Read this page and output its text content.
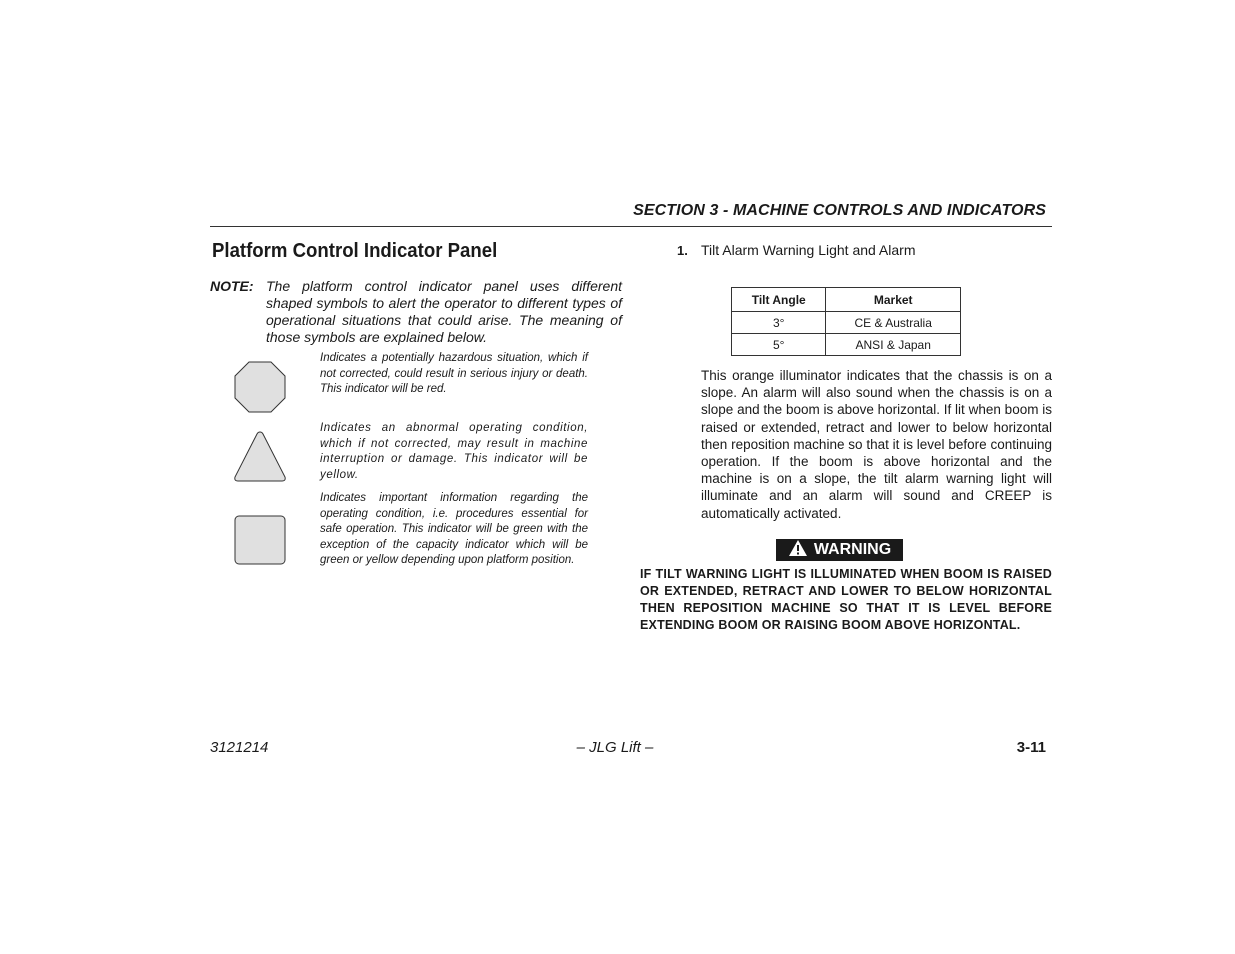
SECTION 3 - MACHINE CONTROLS AND INDICATORS
Platform Control Indicator Panel
NOTE: The platform control indicator panel uses different shaped symbols to alert the operator to different types of operational situations that could arise. The meaning of those symbols are explained below.
Indicates a potentially hazardous situation, which if not corrected, could result in serious injury or death. This indicator will be red.
Indicates an abnormal operating condition, which if not corrected, may result in machine interruption or damage. This indicator will be yellow.
Indicates important information regarding the operating condition, i.e. procedures essential for safe operation. This indicator will be green with the exception of the capacity indicator which will be green or yellow depending upon platform position.
1. Tilt Alarm Warning Light and Alarm
Tilt Angle	Market
3°	CE & Australia
5°	ANSI & Japan
This orange illuminator indicates that the chassis is on a slope. An alarm will also sound when the chassis is on a slope and the boom is above horizontal. If lit when boom is raised or extended, retract and lower to below horizontal then reposition machine so that it is level before continuing operation. If the boom is above horizontal and the machine is on a slope, the tilt alarm warning light will illuminate and an alarm will sound and CREEP is automatically activated.
WARNING
IF TILT WARNING LIGHT IS ILLUMINATED WHEN BOOM IS RAISED OR EXTENDED, RETRACT AND LOWER TO BELOW HORIZONTAL THEN REPOSITION MACHINE SO THAT IT IS LEVEL BEFORE EXTENDING BOOM OR RAISING BOOM ABOVE HORIZONTAL.
3121214	– JLG Lift –	3-11
